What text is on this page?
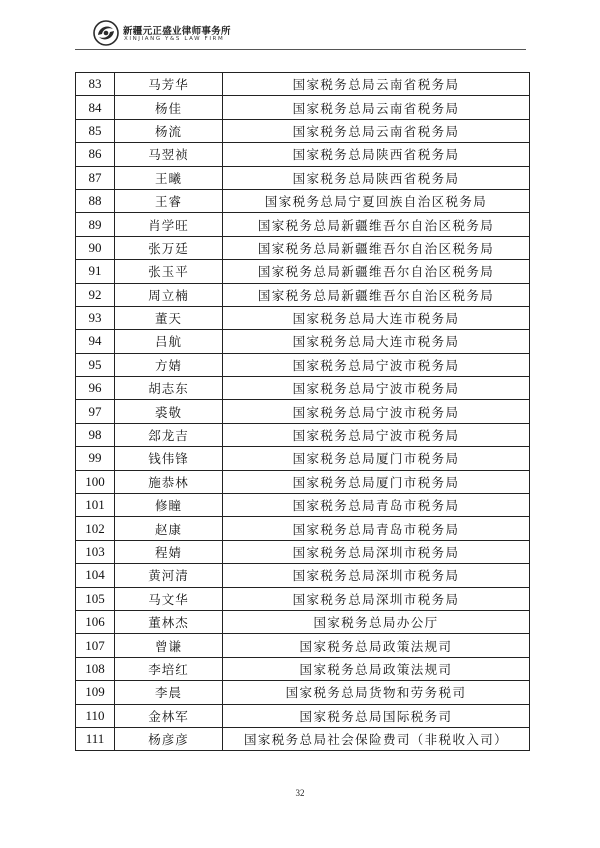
新疆元正盛业律师事务所
XINJIANG Y&S LAW FIRM
83	马芳华	国家税务总局云南省税务局
84	杨佳	国家税务总局云南省税务局
85	杨流	国家税务总局云南省税务局
86	马翌祯	国家税务总局陕西省税务局
87	王曦	国家税务总局陕西省税务局
88	王睿	国家税务总局宁夏回族自治区税务局
89	肖学旺	国家税务总局新疆维吾尔自治区税务局
90	张万廷	国家税务总局新疆维吾尔自治区税务局
91	张玉平	国家税务总局新疆维吾尔自治区税务局
92	周立楠	国家税务总局新疆维吾尔自治区税务局
93	董天	国家税务总局大连市税务局
94	吕航	国家税务总局大连市税务局
95	方婧	国家税务总局宁波市税务局
96	胡志东	国家税务总局宁波市税务局
97	裘敬	国家税务总局宁波市税务局
98	郐龙吉	国家税务总局宁波市税务局
99	钱伟锋	国家税务总局厦门市税务局
100	施恭林	国家税务总局厦门市税务局
101	修瞳	国家税务总局青岛市税务局
102	赵康	国家税务总局青岛市税务局
103	程婧	国家税务总局深圳市税务局
104	黄河清	国家税务总局深圳市税务局
105	马文华	国家税务总局深圳市税务局
106	董林杰	国家税务总局办公厅
107	曾谦	国家税务总局政策法规司
108	李培红	国家税务总局政策法规司
109	李晨	国家税务总局货物和劳务税司
110	金林军	国家税务总局国际税务司
111	杨彦彦	国家税务总局社会保险费司（非税收入司）
32
